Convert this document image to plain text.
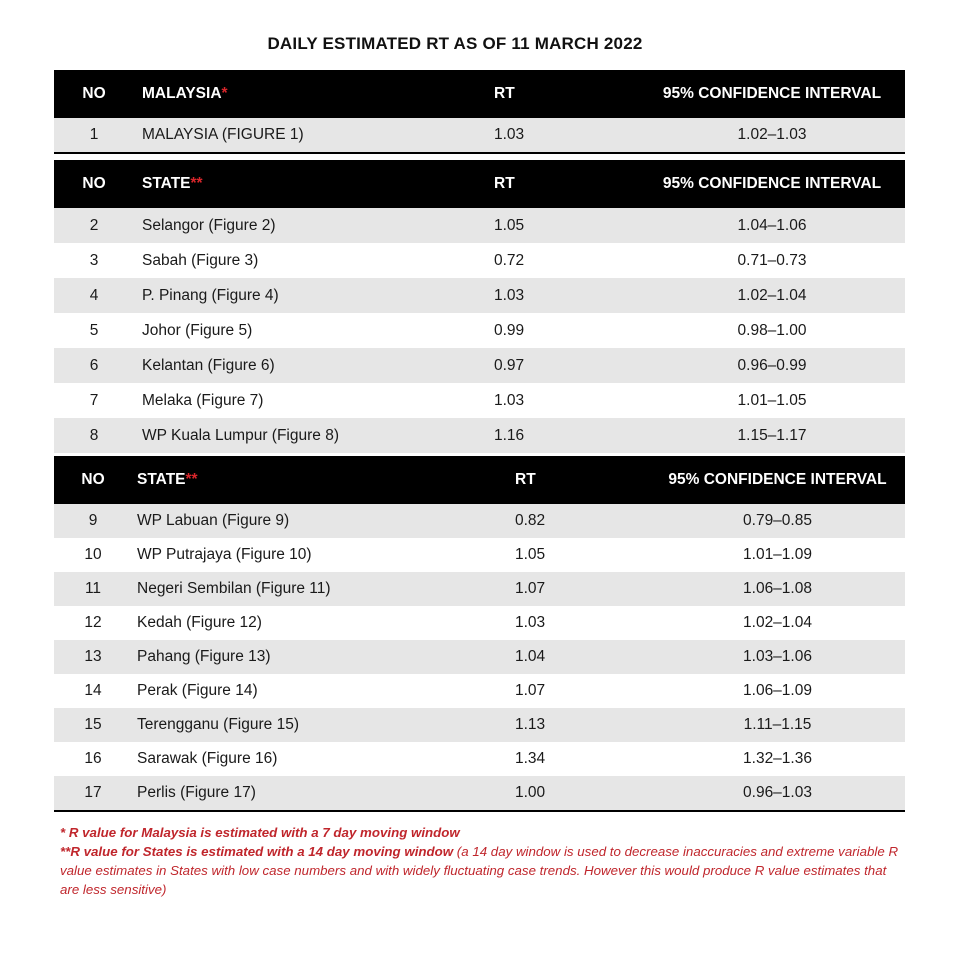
DAILY ESTIMATED RT AS OF 11 MARCH 2022
NO	MALAYSIA*	RT	95% CONFIDENCE INTERVAL
1	MALAYSIA (FIGURE 1)	1.03	1.02–1.03
NO	STATE**	RT	95% CONFIDENCE INTERVAL
2	Selangor (Figure 2)	1.05	1.04–1.06
3	Sabah (Figure 3)	0.72	0.71–0.73
4	P. Pinang (Figure 4)	1.03	1.02–1.04
5	Johor (Figure 5)	0.99	0.98–1.00
6	Kelantan (Figure 6)	0.97	0.96–0.99
7	Melaka (Figure 7)	1.03	1.01–1.05
8	WP Kuala Lumpur (Figure 8)	1.16	1.15–1.17
NO	STATE**	RT	95% CONFIDENCE INTERVAL
9	WP Labuan (Figure 9)	0.82	0.79–0.85
10	WP Putrajaya (Figure 10)	1.05	1.01–1.09
11	Negeri Sembilan (Figure 11)	1.07	1.06–1.08
12	Kedah (Figure 12)	1.03	1.02–1.04
13	Pahang (Figure 13)	1.04	1.03–1.06
14	Perak (Figure 14)	1.07	1.06–1.09
15	Terengganu (Figure 15)	1.13	1.11–1.15
16	Sarawak (Figure 16)	1.34	1.32–1.36
17	Perlis (Figure 17)	1.00	0.96–1.03
* R value for Malaysia is estimated with a 7 day moving window
**R value for States is estimated with a 14 day moving window (a 14 day window is used to decrease inaccuracies and extreme variable R value estimates in States with low case numbers and with widely fluctuating case trends. However this would produce R value estimates that are less sensitive)
